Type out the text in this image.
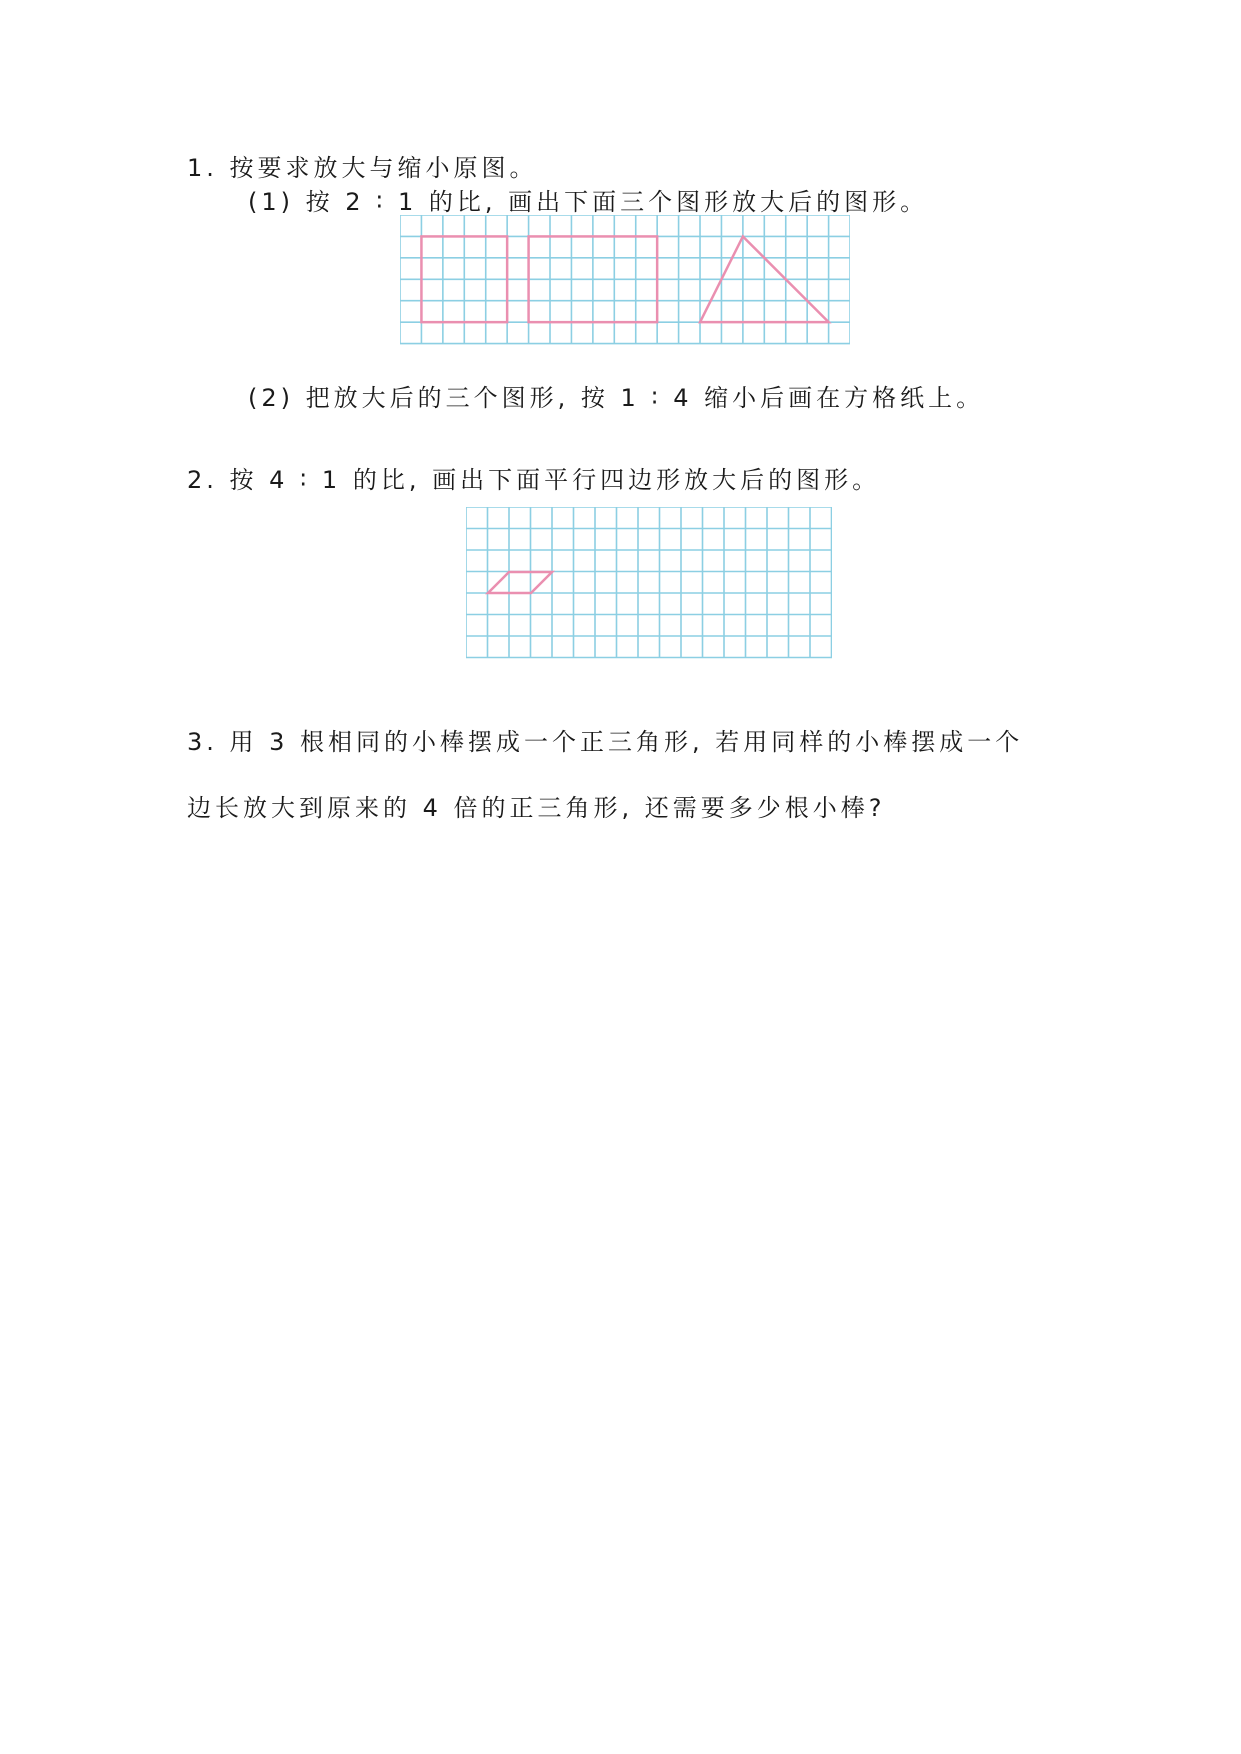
1. 按要求放大与缩小原图。
(1) 按 2 ∶ 1 的比, 画出下面三个图形放大后的图形。
(2) 把放大后的三个图形, 按 1 ∶ 4 缩小后画在方格纸上。
2. 按 4 ∶ 1 的比, 画出下面平行四边形放大后的图形。
3. 用 3 根相同的小棒摆成一个正三角形, 若用同样的小棒摆成一个
边长放大到原来的 4 倍的正三角形, 还需要多少根小棒?
